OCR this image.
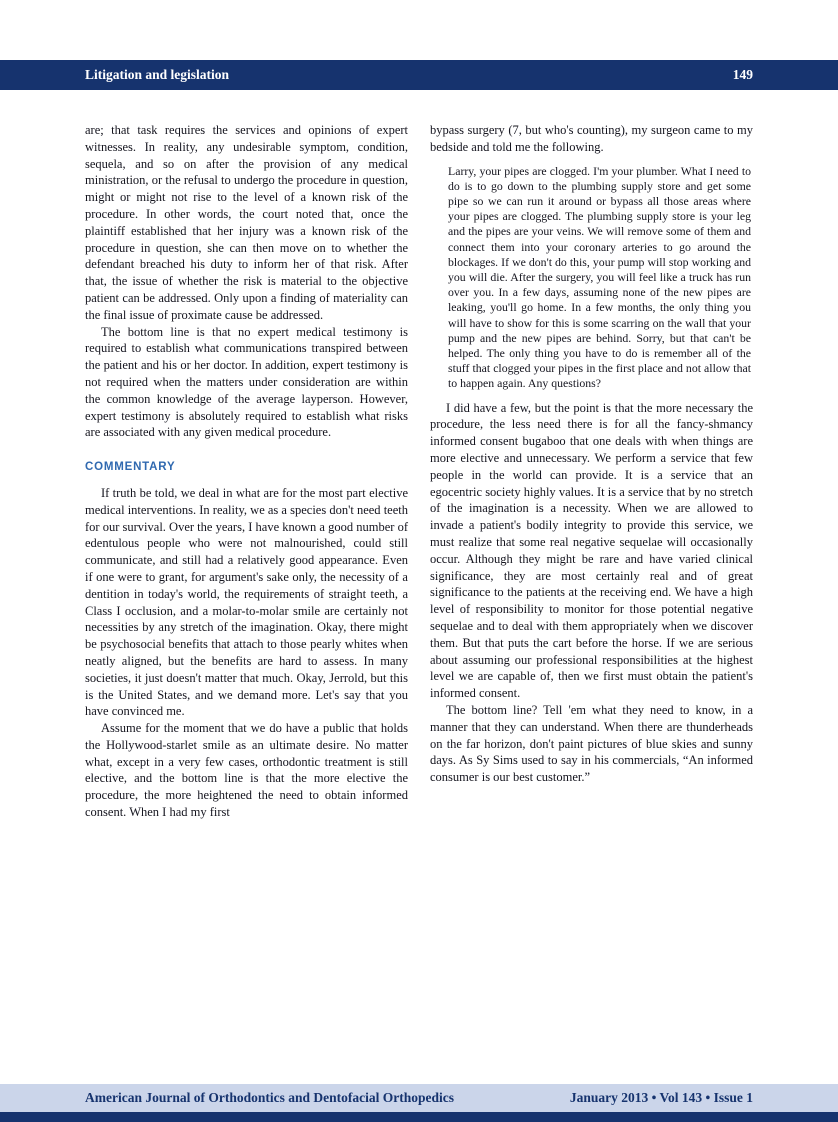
Litigation and legislation	149

are; that task requires the services and opinions of expert witnesses. In reality, any undesirable symptom, condition, sequela, and so on after the provision of any medical ministration, or the refusal to undergo the procedure in question, might or might not rise to the level of a known risk of the procedure. In other words, the court noted that, once the plaintiff established that her injury was a known risk of the procedure in question, she can then move on to whether the defendant breached his duty to inform her of that risk. After that, the issue of whether the risk is material to the objective patient can be addressed. Only upon a finding of materiality can the final issue of proximate cause be addressed.

The bottom line is that no expert medical testimony is required to establish what communications transpired between the patient and his or her doctor. In addition, expert testimony is not required when the matters under consideration are within the common knowledge of the average layperson. However, expert testimony is absolutely required to establish what risks are associated with any given medical procedure.

COMMENTARY

If truth be told, we deal in what are for the most part elective medical interventions. In reality, we as a species don't need teeth for our survival. Over the years, I have known a good number of edentulous people who were not malnourished, could still communicate, and still had a relatively good appearance. Even if one were to grant, for argument's sake only, the necessity of a dentition in today's world, the requirements of straight teeth, a Class I occlusion, and a molar-to-molar smile are certainly not necessities by any stretch of the imagination. Okay, there might be psychosocial benefits that attach to those pearly whites when neatly aligned, but the benefits are hard to assess. In many societies, it just doesn't matter that much. Okay, Jerrold, but this is the United States, and we demand more. Let's say that you have convinced me.

Assume for the moment that we do have a public that holds the Hollywood-starlet smile as an ultimate desire. No matter what, except in a very few cases, orthodontic treatment is still elective, and the bottom line is that the more elective the procedure, the more heightened the need to obtain informed consent. When I had my first

bypass surgery (7, but who's counting), my surgeon came to my bedside and told me the following.

Larry, your pipes are clogged. I'm your plumber. What I need to do is to go down to the plumbing supply store and get some pipe so we can run it around or bypass all those areas where your pipes are clogged. The plumbing supply store is your leg and the pipes are your veins. We will remove some of them and connect them into your coronary arteries to go around the blockages. If we don't do this, your pump will stop working and you will die. After the surgery, you will feel like a truck has run over you. In a few days, assuming none of the new pipes are leaking, you'll go home. In a few months, the only thing you will have to show for this is some scarring on the wall that your pump and the new pipes are behind. Sorry, but that can't be helped. The only thing you have to do is remember all of the stuff that clogged your pipes in the first place and not allow that to happen again. Any questions?

I did have a few, but the point is that the more necessary the procedure, the less need there is for all the fancy-shmancy informed consent bugaboo that one deals with when things are more elective and unnecessary. We perform a service that few people in the world can provide. It is a service that an egocentric society highly values. It is a service that by no stretch of the imagination is a necessity. When we are allowed to invade a patient's bodily integrity to provide this service, we must realize that some real negative sequelae will occasionally occur. Although they might be rare and have varied clinical significance, they are most certainly real and of great significance to the patients at the receiving end. We have a high level of responsibility to monitor for those potential negative sequelae and to deal with them appropriately when we discover them. But that puts the cart before the horse. If we are serious about assuming our professional responsibilities at the highest level we are capable of, then we first must obtain the patient's informed consent.

The bottom line? Tell 'em what they need to know, in a manner that they can understand. When there are thunderheads on the far horizon, don't paint pictures of blue skies and sunny days. As Sy Sims used to say in his commercials, “An informed consumer is our best customer.”

American Journal of Orthodontics and Dentofacial Orthopedics	January 2013 • Vol 143 • Issue 1
